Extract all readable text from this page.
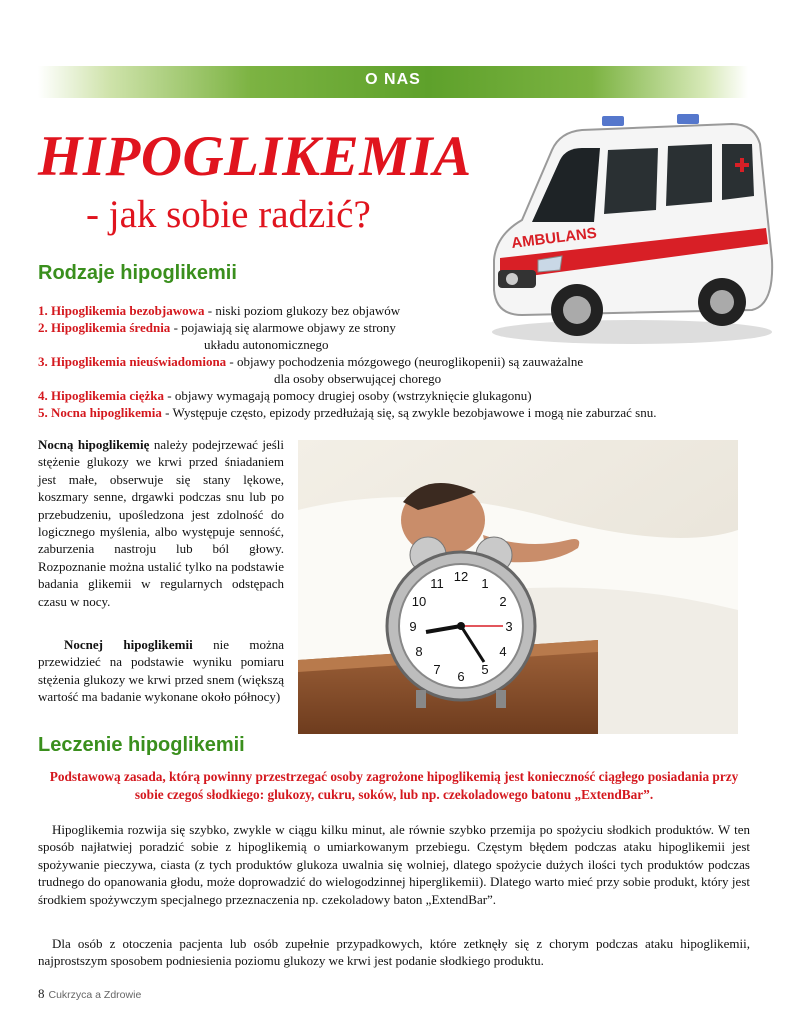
O NAS
HIPOGLIKEMIA
- jak sobie radzić?
AMBULANS
Rodzaje hipoglikemii
1. Hipoglikemia bezobjawowa - niski poziom glukozy bez objawów
2. Hipoglikemia średnia - pojawiają się alarmowe objawy ze strony
układu autonomicznego
3. Hipoglikemia nieuświadomiona - objawy pochodzenia mózgowego (neuroglikopenii) są zauważalne
dla osoby obserwującej chorego
4. Hipoglikemia ciężka - objawy wymagają pomocy drugiej osoby (wstrzyknięcie glukagonu)
5. Nocna hipoglikemia - Występuje często, epizody przedłużają się, są zwykle bezobjawowe i mogą nie zaburzać snu.
Nocną hipoglikemię należy podejrzewać jeśli stężenie glukozy we krwi przed śniadaniem jest małe, obserwuje się stany lękowe, koszmary senne, drgawki podczas snu lub po przebudzeniu, upośledzona jest zdolność do logicznego myślenia, albo występuje senność, zaburzenia nastroju lub ból głowy. Rozpoznanie można ustalić tylko na podstawie badania glikemii w regularnych odstępach czasu w nocy.
Nocnej hipoglikemii nie można przewidzieć na podstawie wyniku pomiaru stężenia glukozy we krwi przed snem (większą wartość ma badanie wykonane około północy)
12 1
2
3
4
5
6
7
8
9
10
11
Leczenie hipoglikemii
Podstawową zasada, którą powinny przestrzegać osoby zagrożone hipoglikemią jest konieczność ciągłego posiadania przy sobie czegoś słodkiego: glukozy, cukru, soków, lub np. czekoladowego batonu „ExtendBar”.
Hipoglikemia rozwija się szybko, zwykle w ciągu kilku minut, ale równie szybko przemija po spożyciu słodkich produktów. W ten sposób najłatwiej poradzić sobie z hipoglikemią o umiarkowanym przebiegu. Częstym błędem podczas ataku hipoglikemii jest spożywanie pieczywa, ciasta (z tych produktów glukoza uwalnia się wolniej, dlatego spożycie dużych ilości tych produktów podczas trudnego do opanowania głodu, może doprowadzić do wielogodzinnej hiperglikemii). Dlatego warto mieć przy sobie produkt, który jest środkiem spożywczym specjalnego przeznaczenia np. czekoladowy baton „ExtendBar”.
Dla osób z otoczenia pacjenta lub osób zupełnie przypadkowych, które zetknęły się z chorym podczas ataku hipoglikemii, najprostszym sposobem podniesienia poziomu glukozy we krwi jest podanie słodkiego produktu.
8 Cukrzyca a Zdrowie
